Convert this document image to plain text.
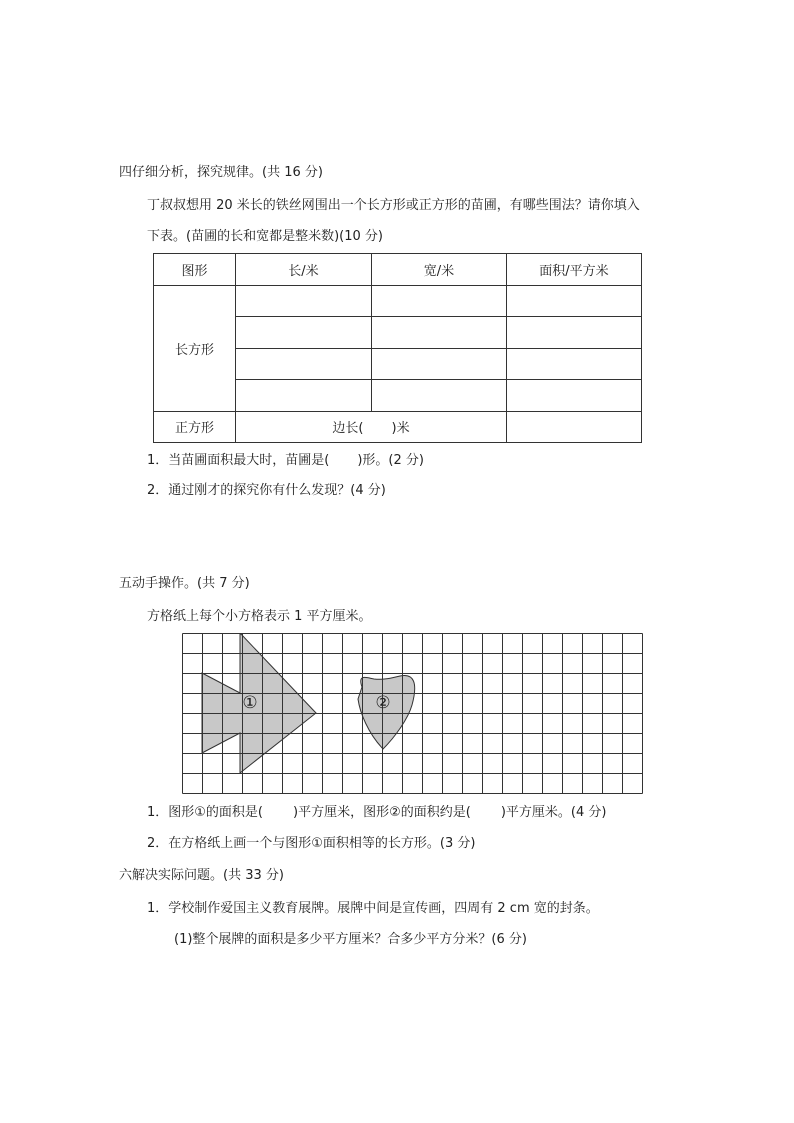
四仔细分析，探究规律。(共 16 分)
丁叔叔想用 20 米长的铁丝网围出一个长方形或正方形的苗圃，有哪些围法？请你填入
下表。(苗圃的长和宽都是整米数)(10 分)
图形	长/米	宽/米	面积/平方米
长方形			

正方形	边长( )米		
1．当苗圃面积最大时，苗圃是( )形。(2 分)
2．通过刚才的探究你有什么发现？(4 分)
五动手操作。(共 7 分)
方格纸上每个小方格表示 1 平方厘米。
①	②
1．图形①的面积是( )平方厘米，图形②的面积约是( )平方厘米。(4 分)
2．在方格纸上画一个与图形①面积相等的长方形。(3 分)
六解决实际问题。(共 33 分)
1．学校制作爱国主义教育展牌。展牌中间是宣传画，四周有 2 cm 宽的封条。
(1)整个展牌的面积是多少平方厘米？合多少平方分米？(6 分)
